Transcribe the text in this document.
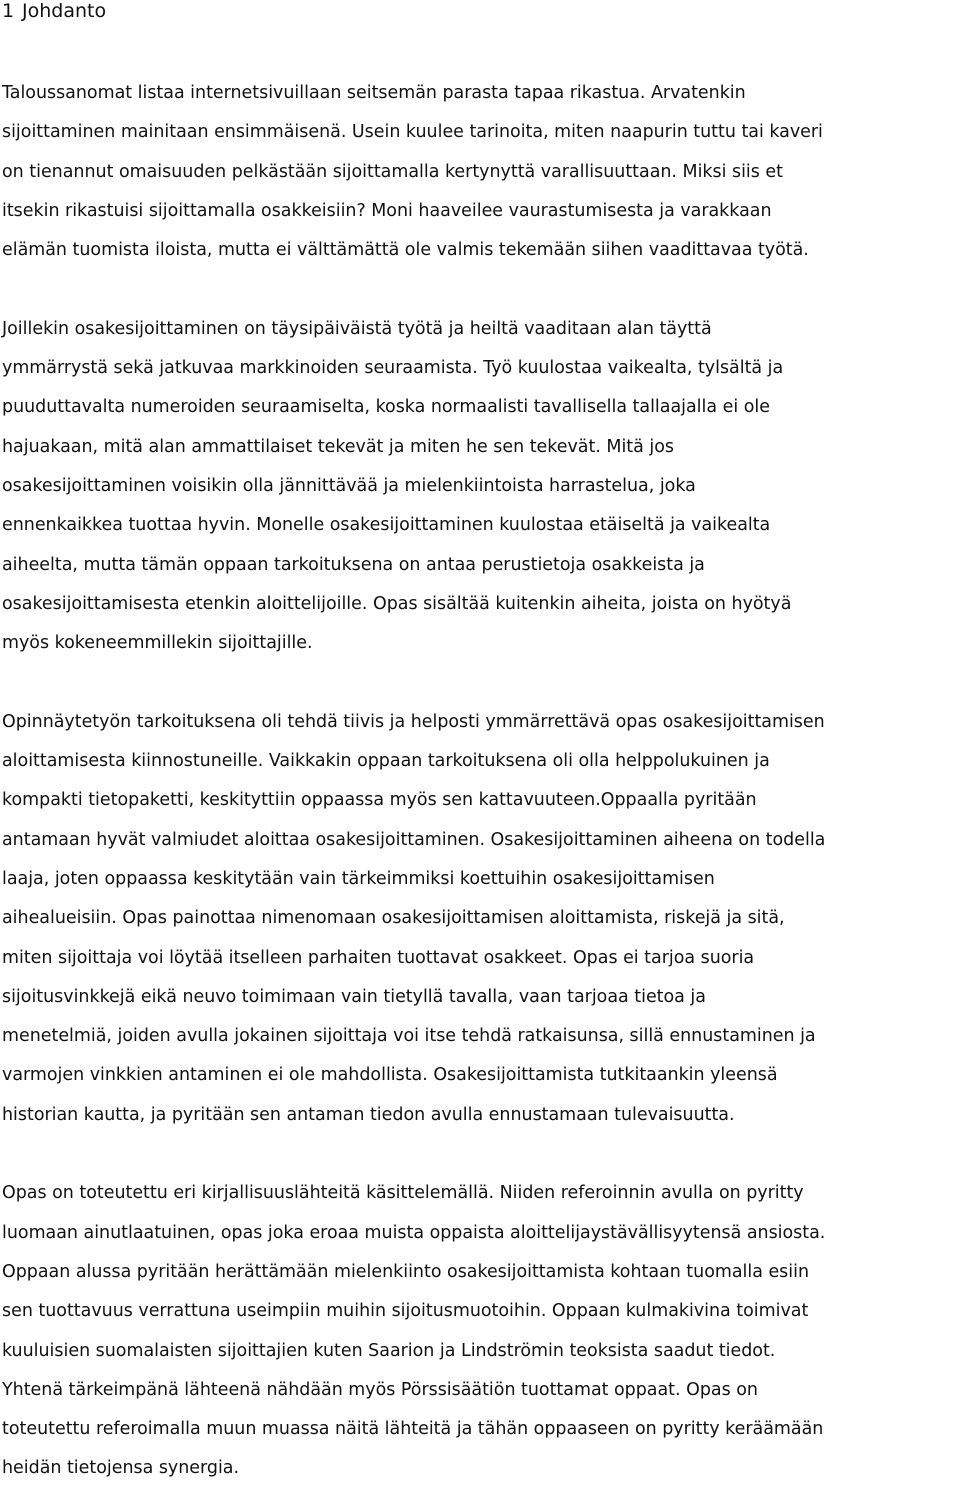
1 Johdanto

Taloussanomat listaa internetsivuillaan seitsemän parasta tapaa rikastua. Arvatenkin
sijoittaminen mainitaan ensimmäisenä. Usein kuulee tarinoita, miten naapurin tuttu tai kaveri
on tienannut omaisuuden pelkästään sijoittamalla kertynyttä varallisuuttaan. Miksi siis et
itsekin rikastuisi sijoittamalla osakkeisiin? Moni haaveilee vaurastumisesta ja varakkaan
elämän tuomista iloista, mutta ei välttämättä ole valmis tekemään siihen vaadittavaa työtä.

Joillekin osakesijoittaminen on täysipäiväistä työtä ja heiltä vaaditaan alan täyttä
ymmärrystä sekä jatkuvaa markkinoiden seuraamista. Työ kuulostaa vaikealta, tylsältä ja
puuduttavalta numeroiden seuraamiselta, koska normaalisti tavallisella tallaajalla ei ole
hajuakaan, mitä alan ammattilaiset tekevät ja miten he sen tekevät. Mitä jos
osakesijoittaminen voisikin olla jännittävää ja mielenkiintoista harrastelua, joka
ennenkaikkea tuottaa hyvin. Monelle osakesijoittaminen kuulostaa etäiseltä ja vaikealta
aiheelta, mutta tämän oppaan tarkoituksena on antaa perustietoja osakkeista ja
osakesijoittamisesta etenkin aloittelijoille. Opas sisältää kuitenkin aiheita, joista on hyötyä
myös kokeneemmillekin sijoittajille.

Opinnäytetyön tarkoituksena oli tehdä tiivis ja helposti ymmärrettävä opas osakesijoittamisen
aloittamisesta kiinnostuneille. Vaikkakin oppaan tarkoituksena oli olla helppolukuinen ja
kompakti tietopaketti, keskityttiin oppaassa myös sen kattavuuteen.Oppaalla pyritään
antamaan hyvät valmiudet aloittaa osakesijoittaminen. Osakesijoittaminen aiheena on todella
laaja, joten oppaassa keskitytään vain tärkeimmiksi koettuihin osakesijoittamisen
aihealueisiin. Opas painottaa nimenomaan osakesijoittamisen aloittamista, riskejä ja sitä,
miten sijoittaja voi löytää itselleen parhaiten tuottavat osakkeet. Opas ei tarjoa suoria
sijoitusvinkkejä eikä neuvo toimimaan vain tietyllä tavalla, vaan tarjoaa tietoa ja
menetelmiä, joiden avulla jokainen sijoittaja voi itse tehdä ratkaisunsa, sillä ennustaminen ja
varmojen vinkkien antaminen ei ole mahdollista. Osakesijoittamista tutkitaankin yleensä
historian kautta, ja pyritään sen antaman tiedon avulla ennustamaan tulevaisuutta.

Opas on toteutettu eri kirjallisuuslähteitä käsittelemällä. Niiden referoinnin avulla on pyritty
luomaan ainutlaatuinen, opas joka eroaa muista oppaista aloittelijaystävällisyytensä ansiosta.
Oppaan alussa pyritään herättämään mielenkiinto osakesijoittamista kohtaan tuomalla esiin
sen tuottavuus verrattuna useimpiin muihin sijoitusmuotoihin. Oppaan kulmakivina toimivat
kuuluisien suomalaisten sijoittajien kuten Saarion ja Lindströmin teoksista saadut tiedot.
Yhtenä tärkeimpänä lähteenä nähdään myös Pörssisäätiön tuottamat oppaat. Opas on
toteutettu referoimalla muun muassa näitä lähteitä ja tähän oppaaseen on pyritty keräämään
heidän tietojensa synergia.
